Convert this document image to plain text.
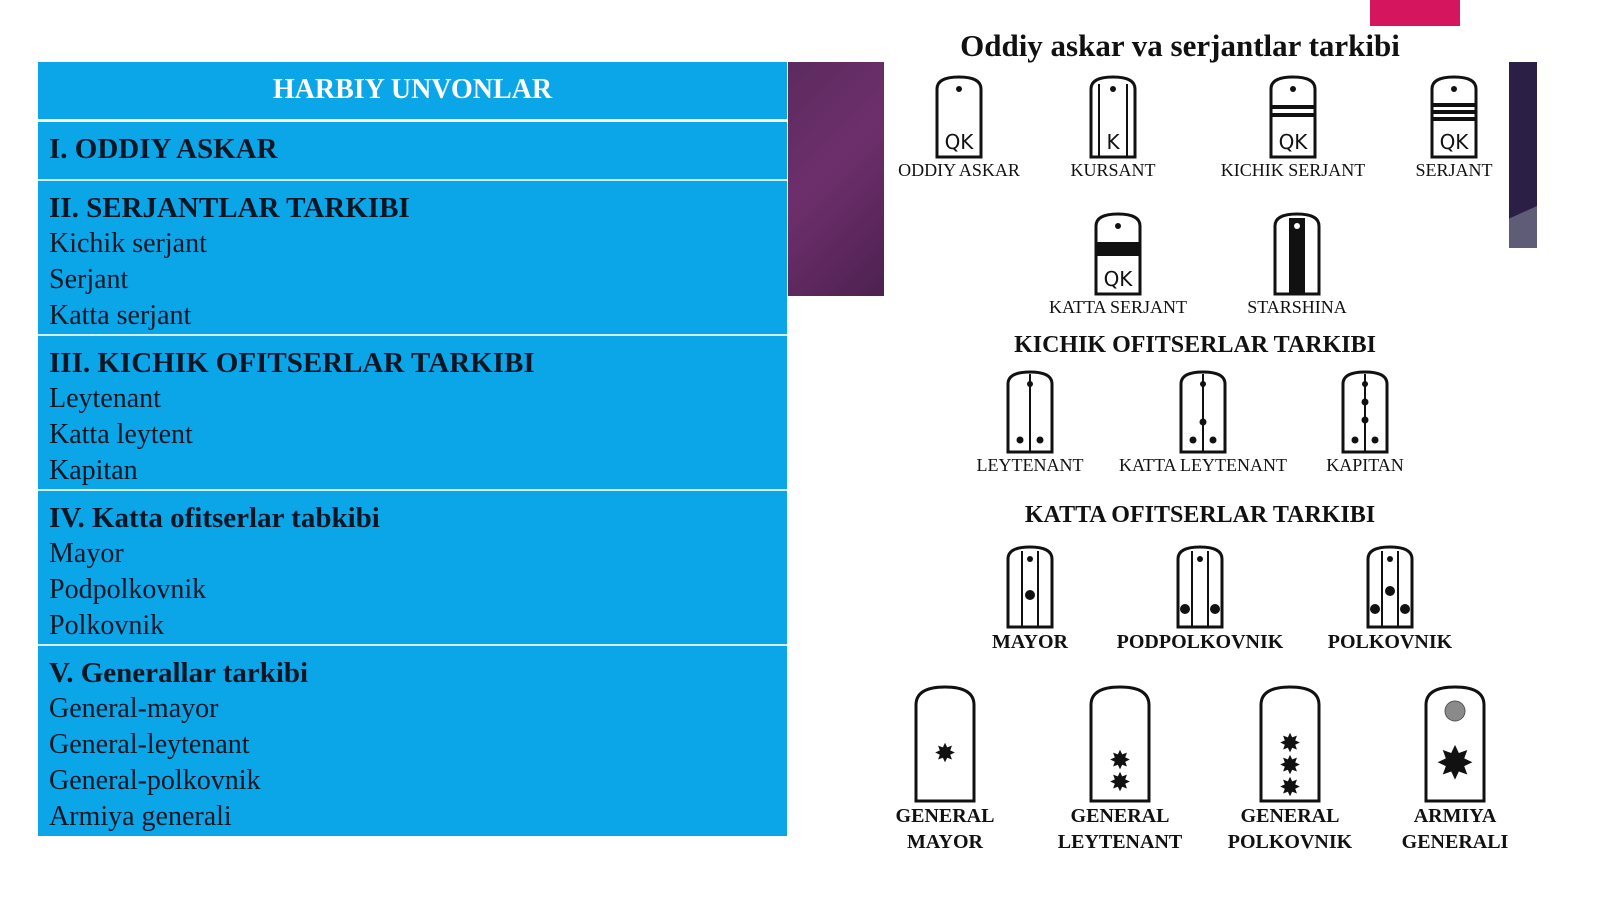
HARBIY UNVONLAR
I. ODDIY ASKAR
II. SERJANTLAR TARKIBI
Kichik serjant
Serjant
Katta serjant
III. KICHIK OFITSERLAR TARKIBI
Leytenant
Katta leytent
Kapitan
IV. Katta ofitserlar tabkibi
Mayor
Podpolkovnik
Polkovnik
V. Generallar tarkibi
General-mayor
General-leytenant
General-polkovnik
Armiya generali
Oddiy askar va serjantlar tarkibi
QK
ODDIY ASKAR
K
KURSANT
QK
KICHIK SERJANT
QK
SERJANT
QK
KATTA SERJANT	STARSHINA
KICHIK OFITSERLAR TARKIBI
LEYTENANT	KATTA LEYTENANT	KAPITAN
KATTA OFITSERLAR TARKIBI
MAYOR	PODPOLKOVNIK	POLKOVNIK
✸
GENERAL
MAYOR
✸
✸
GENERAL
LEYTENANT
✸
✸
✸
GENERAL
POLKOVNIK
✸
ARMIYA
GENERALI
